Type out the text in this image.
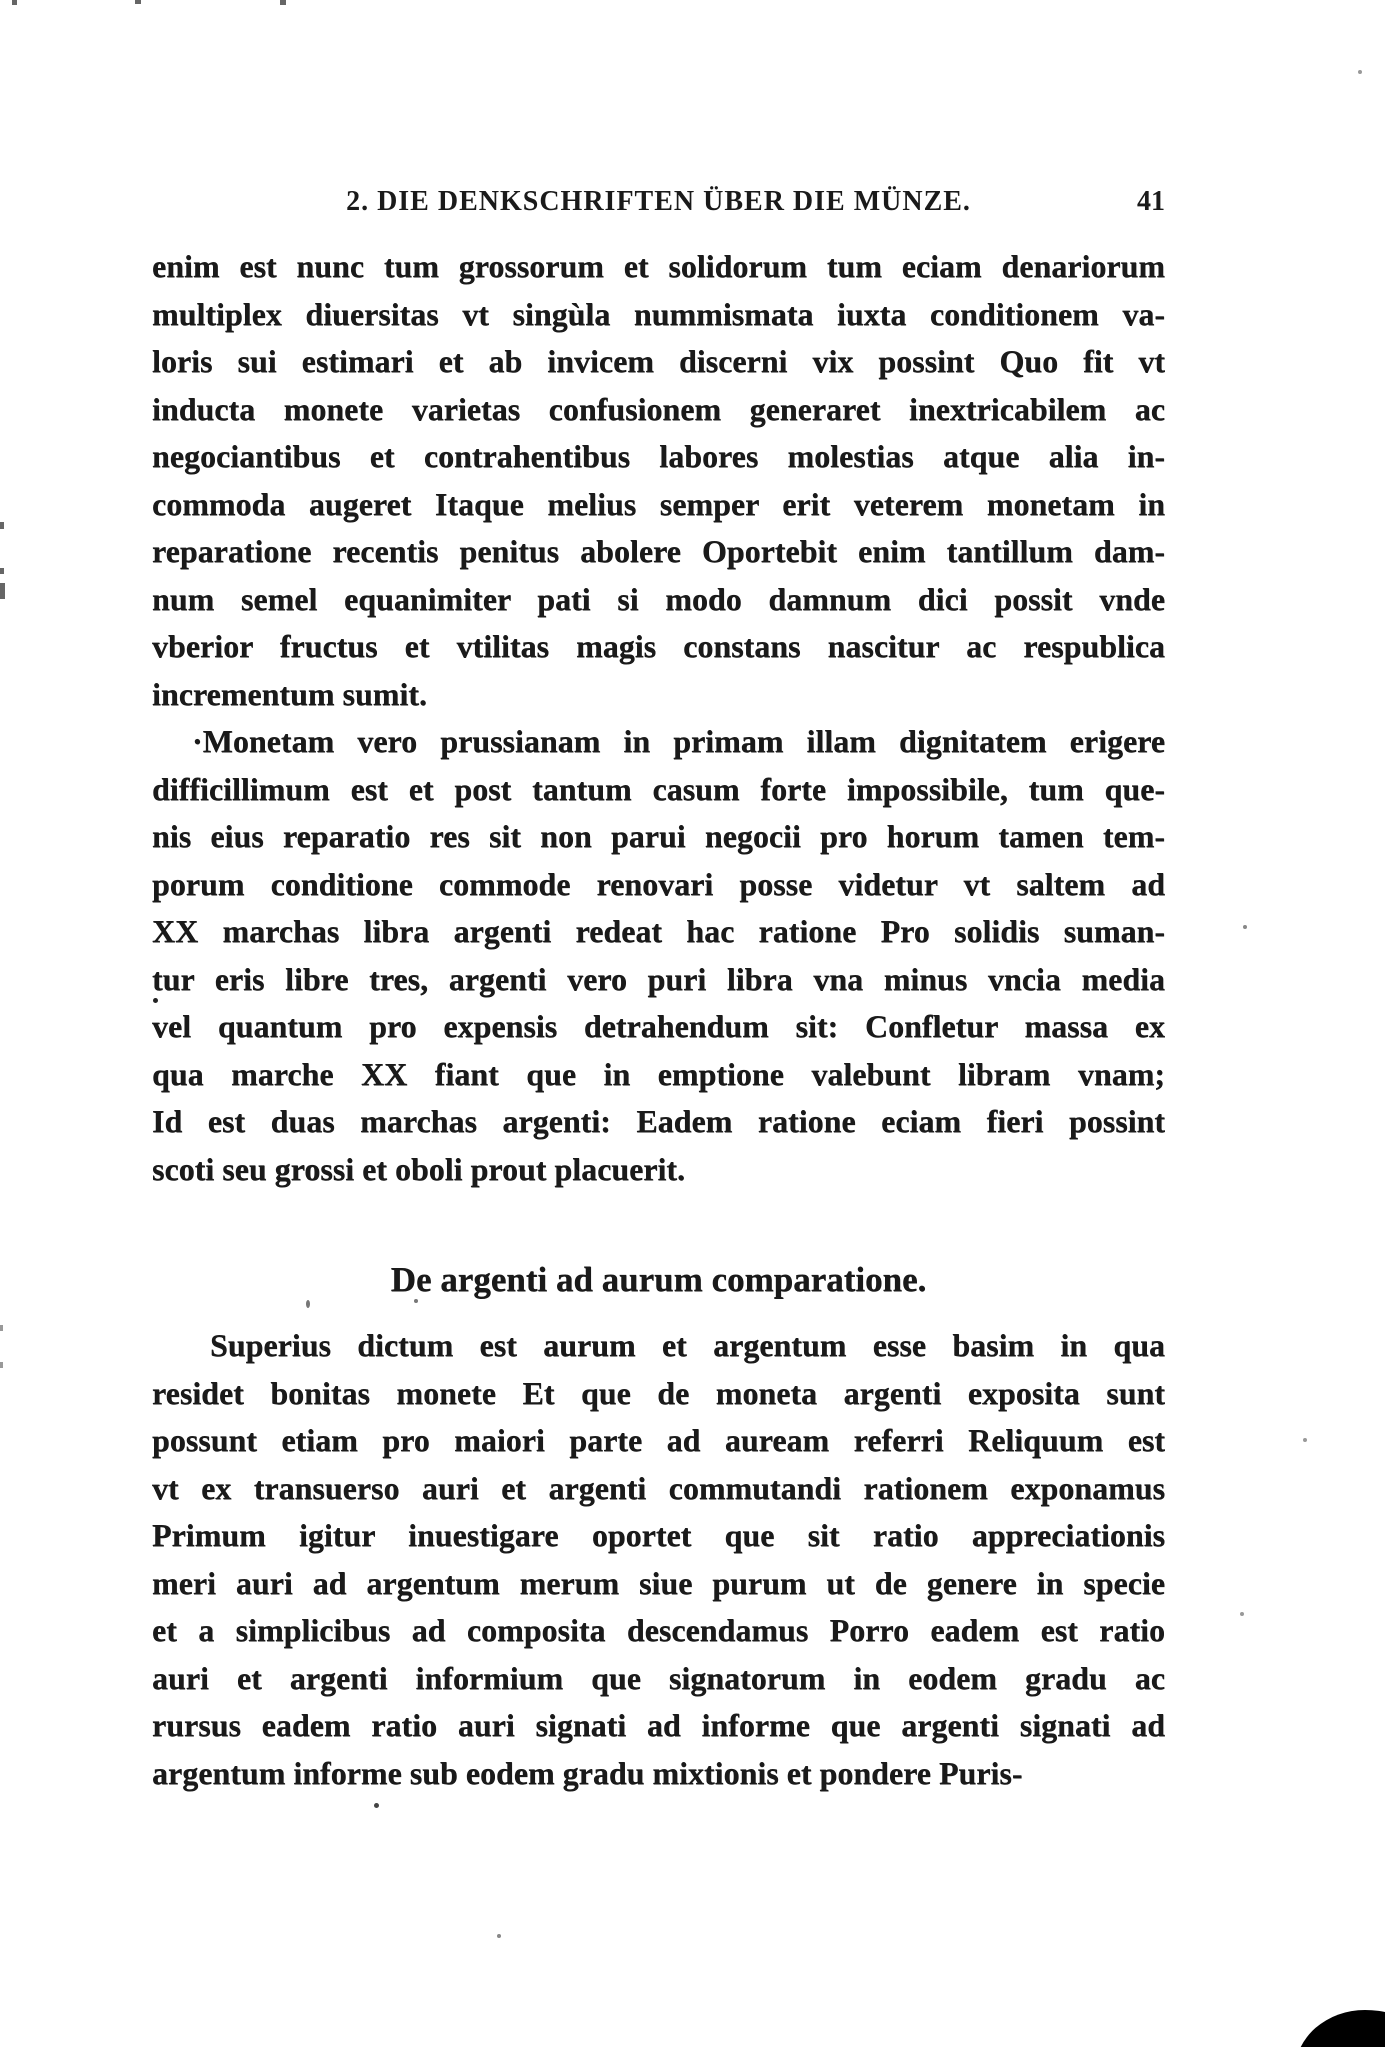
2. DIE DENKSCHRIFTEN ÜBER DIE MÜNZE.	41
enim est nunc tum grossorum et solidorum tum eciam denariorum
multiplex diuersitas vt singùla nummismata iuxta conditionem va-
loris sui estimari et ab invicem discerni vix possint Quo fit vt
inducta monete varietas confusionem generaret inextricabilem ac
negociantibus et contrahentibus labores molestias atque alia in-
commoda augeret Itaque melius semper erit veterem monetam in
reparatione recentis penitus abolere Oportebit enim tantillum dam-
num semel equanimiter pati si modo damnum dici possit vnde
vberior fructus et vtilitas magis constans nascitur ac respublica
incrementum sumit.
·Monetam vero prussianam in primam illam dignitatem erigere
difficillimum est et post tantum casum forte impossibile, tum que-
nis eius reparatio res sit non parui negocii pro horum tamen tem-
porum conditione commode renovari posse videtur vt saltem ad
XX marchas libra argenti redeat hac ratione Pro solidis suman-
tur eris libre tres, argenti vero puri libra vna minus vncia media
vel quantum pro expensis detrahendum sit: Confletur massa ex
qua marche XX fiant que in emptione valebunt libram vnam;
Id est duas marchas argenti: Eadem ratione eciam fieri possint
scoti seu grossi et oboli prout placuerit.
De argenti ad aurum comparatione.
Superius dictum est aurum et argentum esse basim in qua
residet bonitas monete Et que de moneta argenti exposita sunt
possunt etiam pro maiori parte ad auream referri Reliquum est
vt ex transuerso auri et argenti commutandi rationem exponamus
Primum igitur inuestigare oportet que sit ratio appreciationis
meri auri ad argentum merum siue purum ut de genere in specie
et a simplicibus ad composita descendamus Porro eadem est ratio
auri et argenti informium que signatorum in eodem gradu ac
rursus eadem ratio auri signati ad informe que argenti signati ad
argentum informe sub eodem gradu mixtionis et pondere Puris-
